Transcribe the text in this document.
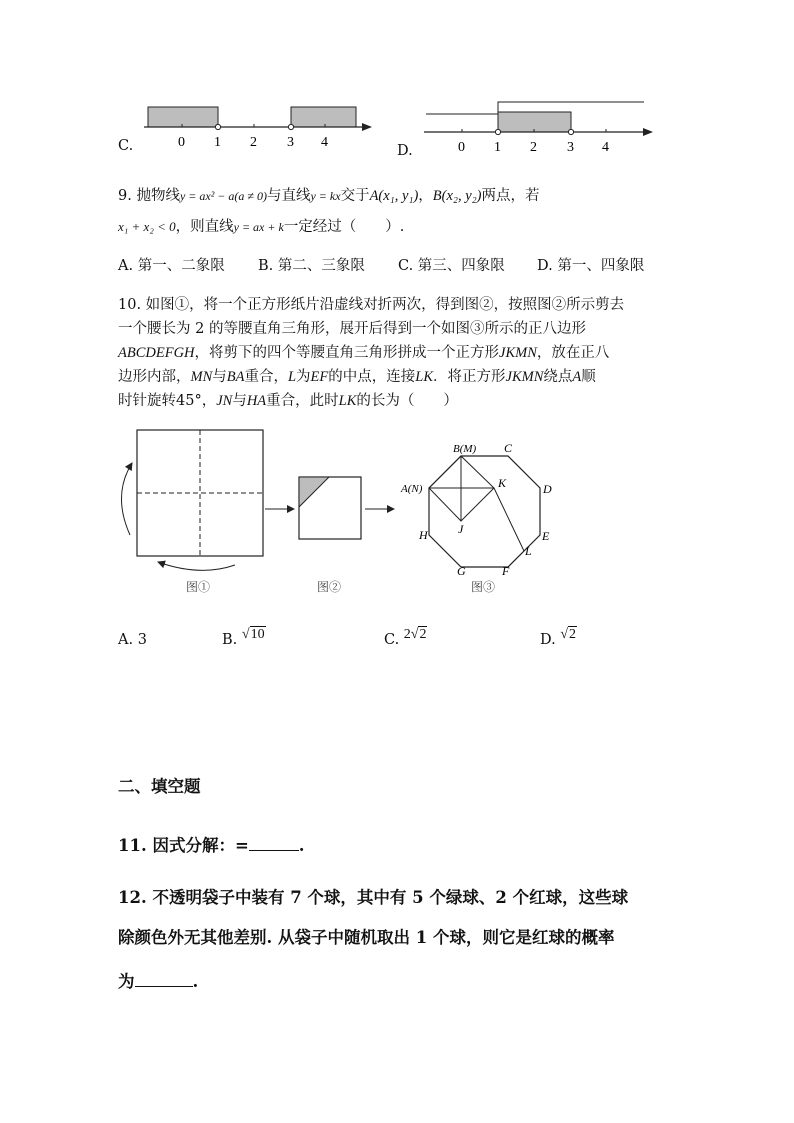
C.	0 1 2 3 4
D.	0 1 2 3 4
9. 抛物线y = ax² − a(a ≠ 0)与直线y = kx交于A(x₁, y₁)，B(x₂, y₂)两点，若
x₁ + x₂ < 0，则直线y = ax + k一定经过（　　）.
A. 第一、二象限 B. 第二、三象限 C. 第三、四象限 D. 第一、四象限
10. 如图①，将一个正方形纸片沿虚线对折两次，得到图②，按照图②所示剪去
一个腰长为 2 的等腰直角三角形，展开后得到一个如图③所示的正八边形
ABCDEFGH，将剪下的四个等腰直角三角形拼成一个正方形JKMN，放在正八
边形内部，MN与BA重合，L为EF的中点，连接LK．将正方形JKMN绕点A顺
时针旋转45°，JN与HA重合，此时LK的长为（　　）
B(M) C
D
E
F
G
H
A(N)	K
J
L
图①	图②	图③
A. 3	B. √10	C. 2√2	D. √2
二、填空题
11. 因式分解：=	.
12. 不透明袋子中装有 7 个球，其中有 5 个绿球、2 个红球，这些球
除颜色外无其他差别. 从袋子中随机取出 1 个球，则它是红球的概率
为	.
